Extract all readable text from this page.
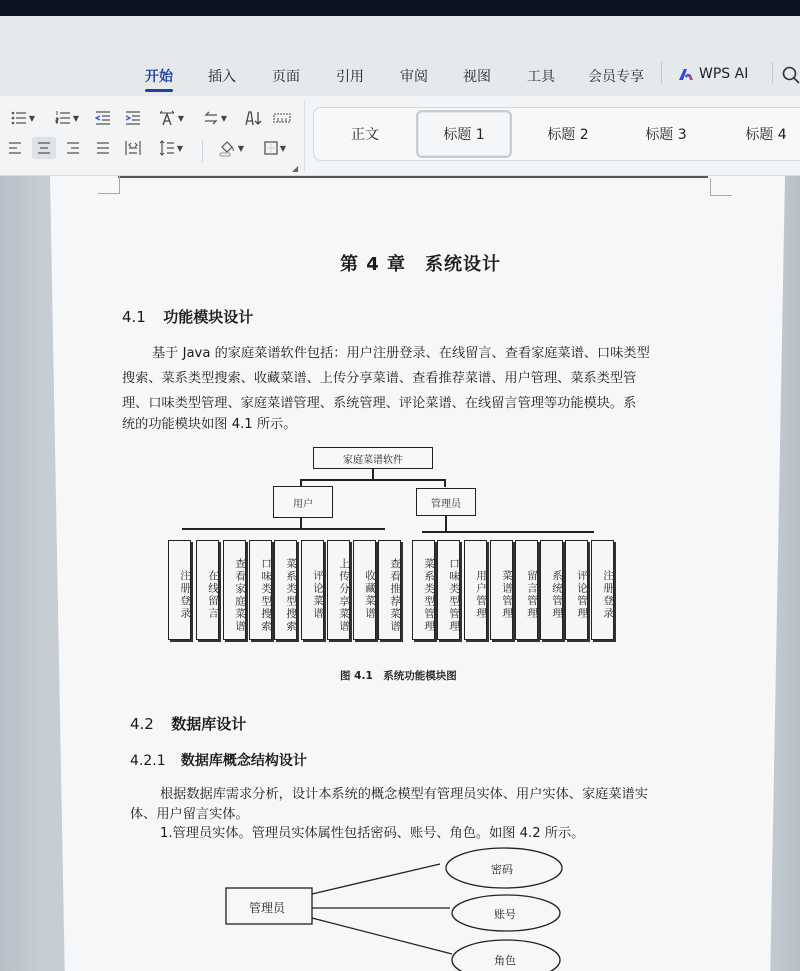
开始	插入	页面	引用	审阅	视图	工具 会员专享	WPS AI
▼	▼	▼	▼
▼	▼	▼
◢
正文	标题 1	标题 2	标题 3	标题 4
第 4 章　系统设计
4.1 功能模块设计
基于 Java 的家庭菜谱软件包括：用户注册登录、在线留言、查看家庭菜谱、口味类型
搜索、菜系类型搜索、收藏菜谱、上传分享菜谱、查看推荐菜谱、用户管理、菜系类型管
理、口味类型管理、家庭菜谱管理、系统管理、评论菜谱、在线留言管理等功能模块。系
统的功能模块如图 4.1 所示。
家庭菜谱软件
用户	管理员
注册登录	在线留言	查看家庭菜谱	口味类型搜索	菜系类型搜索	评论菜谱	上传分享菜谱	收藏菜谱	查看推荐菜谱	菜系类型管理	口味类型管理	用户管理	菜谱管理	留言管理	系统管理	评论管理	注册登录
图 4.1　系统功能模块图
4.2 数据库设计
4.2.1 数据库概念结构设计
根据数据库需求分析，设计本系统的概念模型有管理员实体、用户实体、家庭菜谱实
体、用户留言实体。
1.管理员实体。管理员实体属性包括密码、账号、角色。如图 4.2 所示。
管理员
密码
账号
角色
